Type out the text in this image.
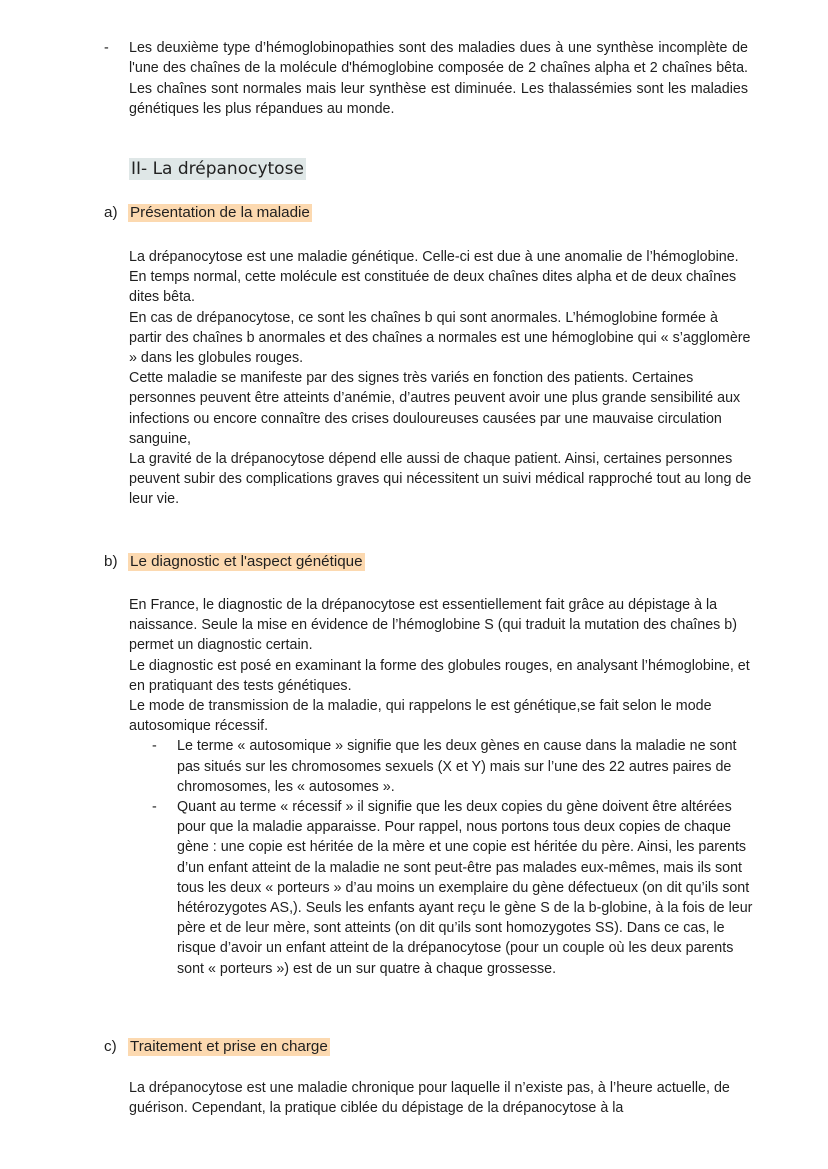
- Les deuxième type d’hémoglobinopathies sont des maladies dues à une synthèse incomplète de l'une des chaînes de la molécule d'hémoglobine composée de 2 chaînes alpha et 2 chaînes bêta. Les chaînes sont normales mais leur synthèse est diminuée. Les thalassémies sont les maladies génétiques les plus répandues au monde.
II- La drépanocytose
a) Présentation de la maladie

La drépanocytose est une maladie génétique. Celle-ci est due à une anomalie de l’hémoglobine.

En temps normal, cette molécule est constituée de deux chaînes dites alpha et de deux chaînes dites bêta.

En cas de drépanocytose, ce sont les chaînes b qui sont anormales. L’hémoglobine formée à partir des chaînes b anormales et des chaînes a normales est une hémoglobine qui « s’agglomère » dans les globules rouges.

Cette maladie se manifeste par des signes très variés en fonction des patients. Certaines personnes peuvent être atteints d’anémie, d’autres peuvent avoir une plus grande sensibilité aux infections ou encore connaître des crises douloureuses causées par une mauvaise circulation sanguine,

La gravité de la drépanocytose dépend elle aussi de chaque patient. Ainsi, certaines personnes peuvent subir des complications graves qui nécessitent un suivi médical rapproché tout au long de leur vie.

b) Le diagnostic et l'aspect génétique

En France, le diagnostic de la drépanocytose est essentiellement fait grâce au dépistage à la naissance. Seule la mise en évidence de l’hémoglobine S (qui traduit la mutation des chaînes b) permet un diagnostic certain.

Le diagnostic est posé en examinant la forme des globules rouges, en analysant l’hémoglobine, et en pratiquant des tests génétiques.

Le mode de transmission de la maladie, qui rappelons le est génétique,se fait selon le mode autosomique récessif.

- Le terme « autosomique » signifie que les deux gènes en cause dans la maladie ne sont pas situés sur les chromosomes sexuels (X et Y) mais sur l’une des 22 autres paires de chromosomes, les « autosomes ».
- Quant au terme « récessif » il signifie que les deux copies du gène doivent être altérées pour que la maladie apparaisse. Pour rappel, nous portons tous deux copies de chaque gène : une copie est héritée de la mère et une copie est héritée du père. Ainsi, les parents d’un enfant atteint de la maladie ne sont peut-être pas malades eux-mêmes, mais ils sont tous les deux « porteurs » d’au moins un exemplaire du gène défectueux (on dit qu’ils sont hétérozygotes AS,). Seuls les enfants ayant reçu le gène S de la b-globine, à la fois de leur père et de leur mère, sont atteints (on dit qu’ils sont homozygotes SS). Dans ce cas, le risque d’avoir un enfant atteint de la drépanocytose (pour un couple où les deux parents sont « porteurs ») est de un sur quatre à chaque grossesse.
c) Traitement et prise en charge

La drépanocytose est une maladie chronique pour laquelle il n’existe pas, à l’heure actuelle, de guérison. Cependant, la pratique ciblée du dépistage de la drépanocytose à la
